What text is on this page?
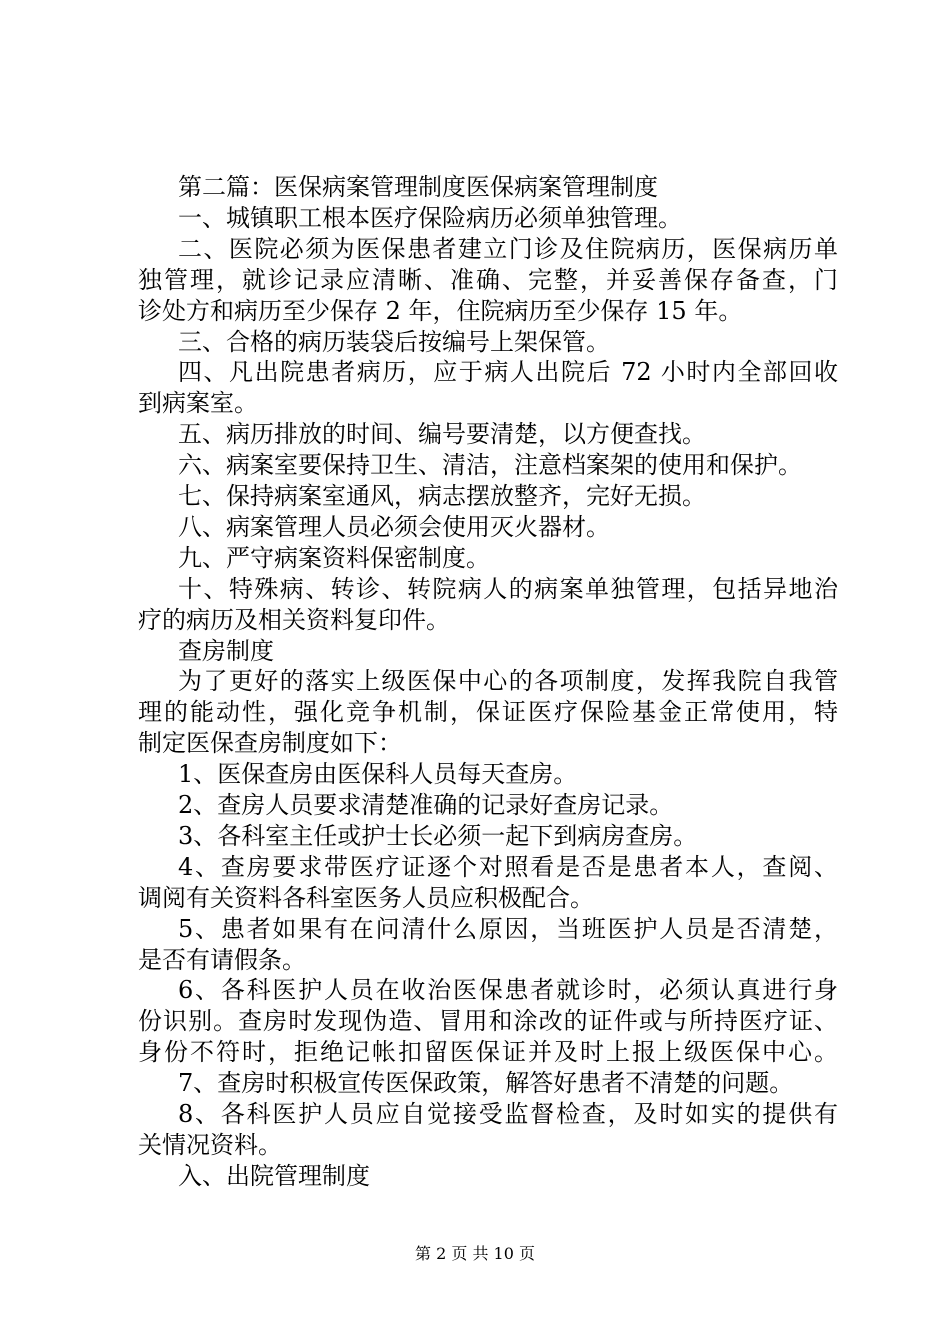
第二篇：医保病案管理制度医保病案管理制度
一、城镇职工根本医疗保险病历必须单独管理。
二、医院必须为医保患者建立门诊及住院病历，医保病历单
独管理，就诊记录应清晰、准确、完整，并妥善保存备查，门
诊处方和病历至少保存 2 年，住院病历至少保存 15 年。
三、合格的病历装袋后按编号上架保管。
四、凡出院患者病历，应于病人出院后 72 小时内全部回收
到病案室。
五、病历排放的时间、编号要清楚，以方便查找。
六、病案室要保持卫生、清洁，注意档案架的使用和保护。
七、保持病案室通风，病志摆放整齐，完好无损。
八、病案管理人员必须会使用灭火器材。
九、严守病案资料保密制度。
十、特殊病、转诊、转院病人的病案单独管理，包括异地治
疗的病历及相关资料复印件。
查房制度
为了更好的落实上级医保中心的各项制度，发挥我院自我管
理的能动性，强化竞争机制，保证医疗保险基金正常使用，特
制定医保查房制度如下：
1、医保查房由医保科人员每天查房。
2、查房人员要求清楚准确的记录好查房记录。
3、各科室主任或护士长必须一起下到病房查房。
4、查房要求带医疗证逐个对照看是否是患者本人，查阅、
调阅有关资料各科室医务人员应积极配合。
5、患者如果有在问清什么原因，当班医护人员是否清楚，
是否有请假条。
6、各科医护人员在收治医保患者就诊时，必须认真进行身
份识别。查房时发现伪造、冒用和涂改的证件或与所持医疗证、
身份不符时，拒绝记帐扣留医保证并及时上报上级医保中心。
7、查房时积极宣传医保政策，解答好患者不清楚的问题。
8、各科医护人员应自觉接受监督检查，及时如实的提供有
关情况资料。
入、出院管理制度
第 2 页 共 10 页
